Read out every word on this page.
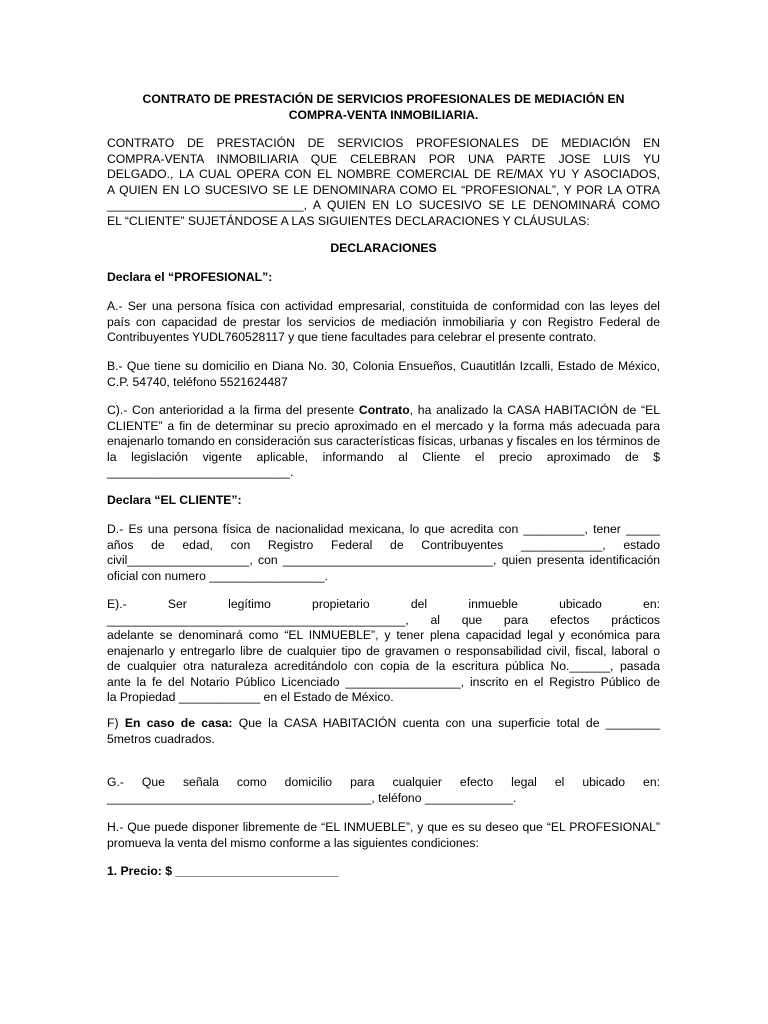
CONTRATO DE PRESTACIÓN DE SERVICIOS PROFESIONALES DE MEDIACIÓN EN
COMPRA-VENTA INMOBILIARIA.
CONTRATO DE PRESTACIÓN DE SERVICIOS PROFESIONALES DE MEDIACIÓN EN
COMPRA-VENTA INMOBILIARIA QUE CELEBRAN POR UNA PARTE JOSE LUIS YU
DELGADO., LA CUAL OPERA CON EL NOMBRE COMERCIAL DE RE/MAX YU Y ASOCIADOS,
A QUIEN EN LO SUCESIVO SE LE DENOMINARA COMO EL “PROFESIONAL”, Y POR LA OTRA
_____________________________, A QUIEN EN LO SUCESIVO SE LE DENOMINARÁ COMO
EL “CLIENTE” SUJETÁNDOSE A LAS SIGUIENTES DECLARACIONES Y CLÁUSULAS:
DECLARACIONES
Declara el “PROFESIONAL”:
A.- Ser una persona física con actividad empresarial, constituida de conformidad con las leyes del país con capacidad de prestar los servicios de mediación inmobiliaria y con Registro Federal de Contribuyentes YUDL760528117 y que tiene facultades para celebrar el presente contrato.
B.- Que tiene su domicilio en Diana No. 30, Colonia Ensueños, Cuautitlán Izcalli, Estado de México, C.P. 54740, teléfono 5521624487
C).- Con anterioridad a la firma del presente Contrato, ha analizado la CASA HABITACIÓN de “EL CLIENTE” a fin de determinar su precio aproximado en el mercado y la forma más adecuada para enajenarlo tomando en consideración sus características físicas, urbanas y fiscales en los términos de la legislación vigente aplicable, informando al Cliente el precio aproximado de $ ___________________________.
Declara “EL CLIENTE”:
D.- Es una persona física de nacionalidad mexicana, lo que acredita con _________, tener _____ años de edad, con Registro Federal de Contribuyentes ____________, estado civil__________________, con _______________________________, quien presenta identificación oficial con numero _________________.
E).- Ser legítimo propietario del inmueble ubicado en:
____________________________________________, al que para efectos prácticos
adelante se denominará como “EL INMUEBLE”, y tener plena capacidad legal y económica para
enajenarlo y entregarlo libre de cualquier tipo de gravamen o responsabilidad civil, fiscal, laboral o
de cualquier otra naturaleza acreditándolo con copia de la escritura pública No.______, pasada
ante la fe del Notario Público Licenciado _________________, inscrito en el Registro Público de
la Propiedad ____________ en el Estado de México.
F) En caso de casa: Que la CASA HABITACIÓN cuenta con una superficie total de ________ 5metros cuadrados.
G.- Que señala como domicilio para cualquier efecto legal el ubicado en:
_______________________________________, teléfono _____________.
H.- Que puede disponer libremente de “EL INMUEBLE”, y que es su deseo que “EL PROFESIONAL” promueva la venta del mismo conforme a las siguientes condiciones:
1. Precio: $ ________________________
